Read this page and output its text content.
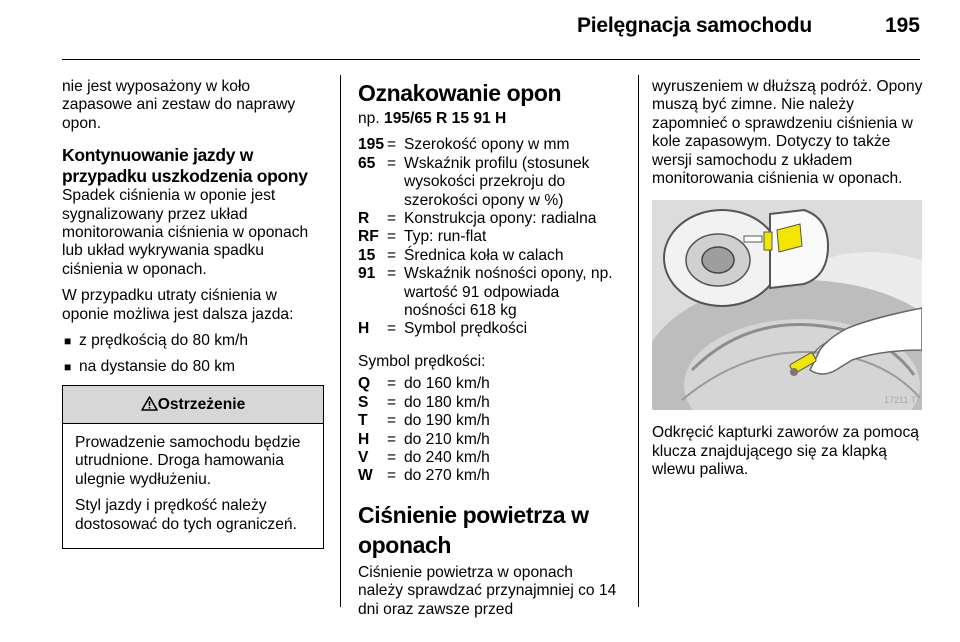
Pielęgnacja samochodu	195

nie jest wyposażony w koło zapasowe ani zestaw do naprawy opon.

Kontynuowanie jazdy w przypadku uszkodzenia opony

Spadek ciśnienia w oponie jest sygnalizowany przez układ monitorowania ciśnienia w oponach lub układ wykrywania spadku ciśnienia w oponach.

W przypadku utraty ciśnienia w oponie możliwa jest dalsza jazda:

■ z prędkością do 80 km/h
■ na dystansie do 80 km
Ostrzeżenie

Prowadzenie samochodu będzie utrudnione. Droga hamowania ulegnie wydłużeniu.

Styl jazdy i prędkość należy dostosować do tych ograniczeń.

Oznakowanie opon
np. 195/65 R 15 91 H
195	=	Szerokość opony w mm
65	=	Wskaźnik profilu (stosunek wysokości przekroju do szerokości opony w %)
R	=	Konstrukcja opony: radialna
RF	=	Typ: run-flat
15	=	Średnica koła w calach
91	=	Wskaźnik nośności opony, np. wartość 91 odpowiada nośności 618 kg
H	=	Symbol prędkości

Symbol prędkości:

Q	=	do 160 km/h
S	=	do 180 km/h
T	=	do 190 km/h
H	=	do 210 km/h
V	=	do 240 km/h
W	=	do 270 km/h
Ciśnienie powietrza w oponach

Ciśnienie powietrza w oponach należy sprawdzać przynajmniej co 14 dni oraz zawsze przed

wyruszeniem w dłuższą podróż. Opony muszą być zimne. Nie należy zapomnieć o sprawdzeniu ciśnienia w kole zapasowym. Dotyczy to także wersji samochodu z układem monitorowania ciśnienia w oponach.

17211 T

Odkręcić kapturki zaworów za pomocą klucza znajdującego się za klapką wlewu paliwa.
